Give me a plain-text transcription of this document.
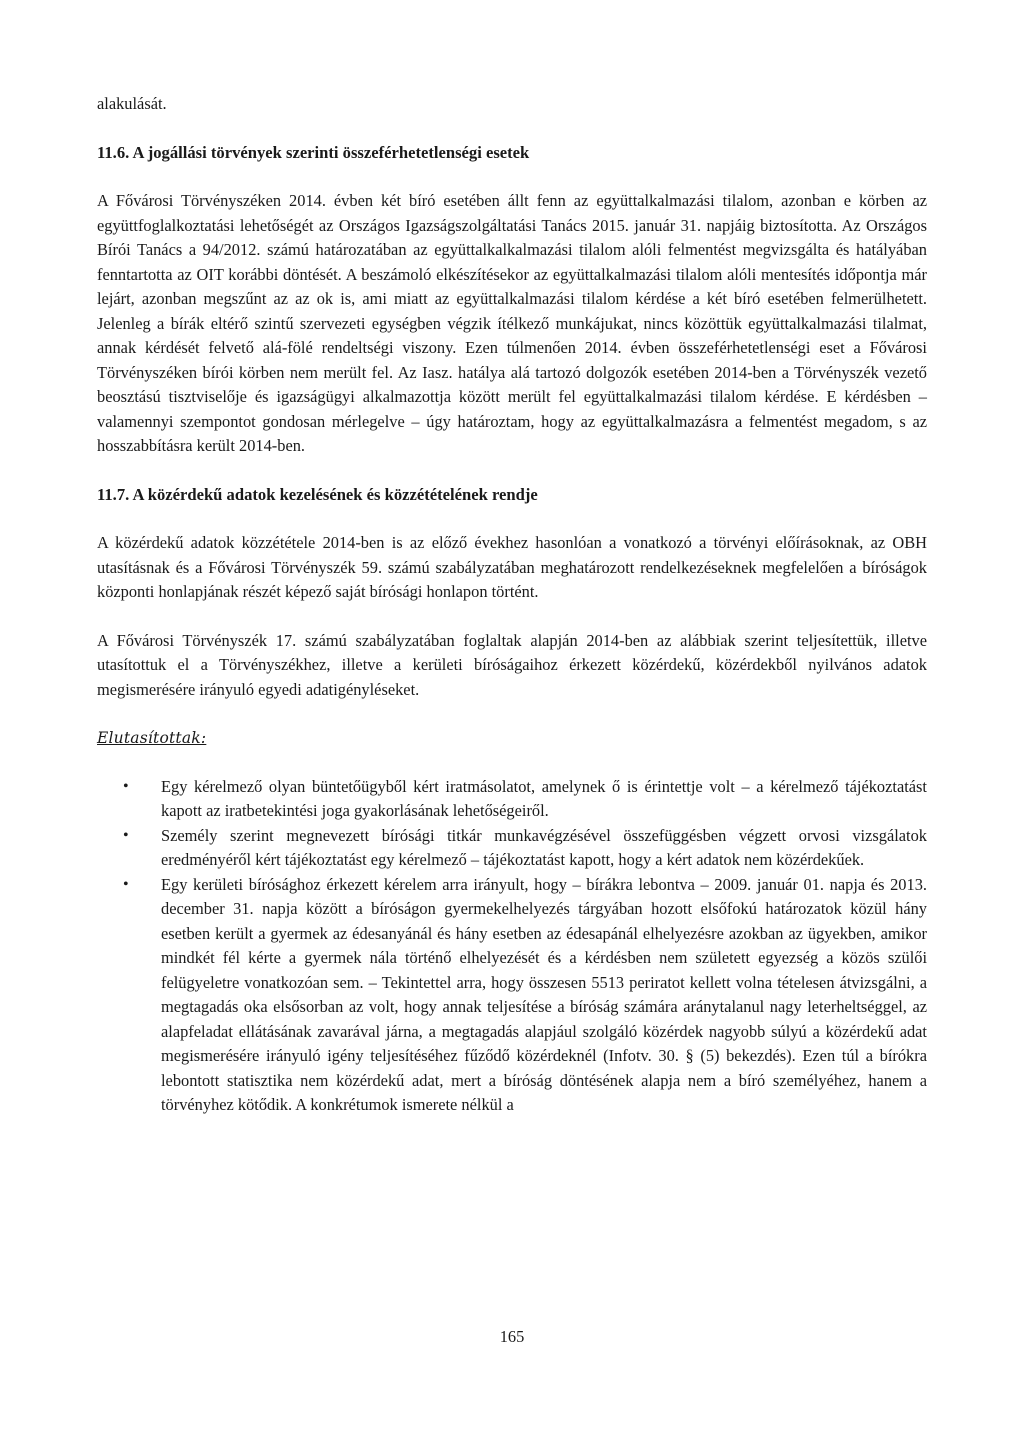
alakulását.

11.6. A jogállási törvények szerinti összeférhetetlenségi esetek

A Fővárosi Törvényszéken 2014. évben két bíró esetében állt fenn az együttalkalmazási tilalom, azonban e körben az együttfoglalkoztatási lehetőségét az Országos Igazságszolgáltatási Tanács 2015. január 31. napjáig biztosította. Az Országos Bírói Tanács a 94/2012. számú határozatában az együttalkalkalmazási tilalom alóli felmentést megvizsgálta és hatályában fenntartotta az OIT korábbi döntését. A beszámoló elkészítésekor az együttalkalmazási tilalom alóli mentesítés időpontja már lejárt, azonban megszűnt az az ok is, ami miatt az együttalkalmazási tilalom kérdése a két bíró esetében felmerülhetett. Jelenleg a bírák eltérő szintű szervezeti egységben végzik ítélkező munkájukat, nincs közöttük együttalkalmazási tilalmat, annak kérdését felvető alá-fölé rendeltségi viszony. Ezen túlmenően 2014. évben összeférhetetlenségi eset a Fővárosi Törvényszéken bírói körben nem merült fel. Az Iasz. hatálya alá tartozó dolgozók esetében 2014-ben a Törvényszék vezető beosztású tisztviselője és igazságügyi alkalmazottja között merült fel együttalkalmazási tilalom kérdése. E kérdésben – valamennyi szempontot gondosan mérlegelve – úgy határoztam, hogy az együttalkalmazásra a felmentést megadom, s az hosszabbításra került 2014-ben.

11.7. A közérdekű adatok kezelésének és közzétételének rendje

A közérdekű adatok közzététele 2014-ben is az előző évekhez hasonlóan a vonatkozó a törvényi előírásoknak, az OBH utasításnak és a Fővárosi Törvényszék 59. számú szabályzatában meghatározott rendelkezéseknek megfelelően a bíróságok központi honlapjának részét képező saját bírósági honlapon történt.

A Fővárosi Törvényszék 17. számú szabályzatában foglaltak alapján 2014-ben az alábbiak szerint teljesítettük, illetve utasítottuk el a Törvényszékhez, illetve a kerületi bíróságaihoz érkezett közérdekű, közérdekből nyilvános adatok megismerésére irányuló egyedi adatigényléseket.

Elutasítottak:

• Egy kérelmező olyan büntetőügyből kért iratmásolatot, amelynek ő is érintettje volt – a kérelmező tájékoztatást kapott az iratbetekintési joga gyakorlásának lehetőségeiről.

• Személy szerint megnevezett bírósági titkár munkavégzésével összefüggésben végzett orvosi vizsgálatok eredményéről kért tájékoztatást egy kérelmező – tájékoztatást kapott, hogy a kért adatok nem közérdekűek.

• Egy kerületi bírósághoz érkezett kérelem arra irányult, hogy – bírákra lebontva – 2009. január 01. napja és 2013. december 31. napja között a bíróságon gyermekelhelyezés tárgyában hozott elsőfokú határozatok közül hány esetben került a gyermek az édesanyánál és hány esetben az édesapánál elhelyezésre azokban az ügyekben, amikor mindkét fél kérte a gyermek nála történő elhelyezését és a kérdésben nem született egyezség a közös szülői felügyeletre vonatkozóan sem. – Tekintettel arra, hogy összesen 5513 periratot kellett volna tételesen átvizsgálni, a megtagadás oka elsősorban az volt, hogy annak teljesítése a bíróság számára aránytalanul nagy leterheltséggel, az alapfeladat ellátásának zavarával járna, a megtagadás alapjául szolgáló közérdek nagyobb súlyú a közérdekű adat megismerésére irányuló igény teljesítéséhez fűződő közérdeknél (Infotv. 30. § (5) bekezdés). Ezen túl a bírókra lebontott statisztika nem közérdekű adat, mert a bíróság döntésének alapja nem a bíró személyéhez, hanem a törvényhez kötődik. A konkrétumok ismerete nélkül a

165
